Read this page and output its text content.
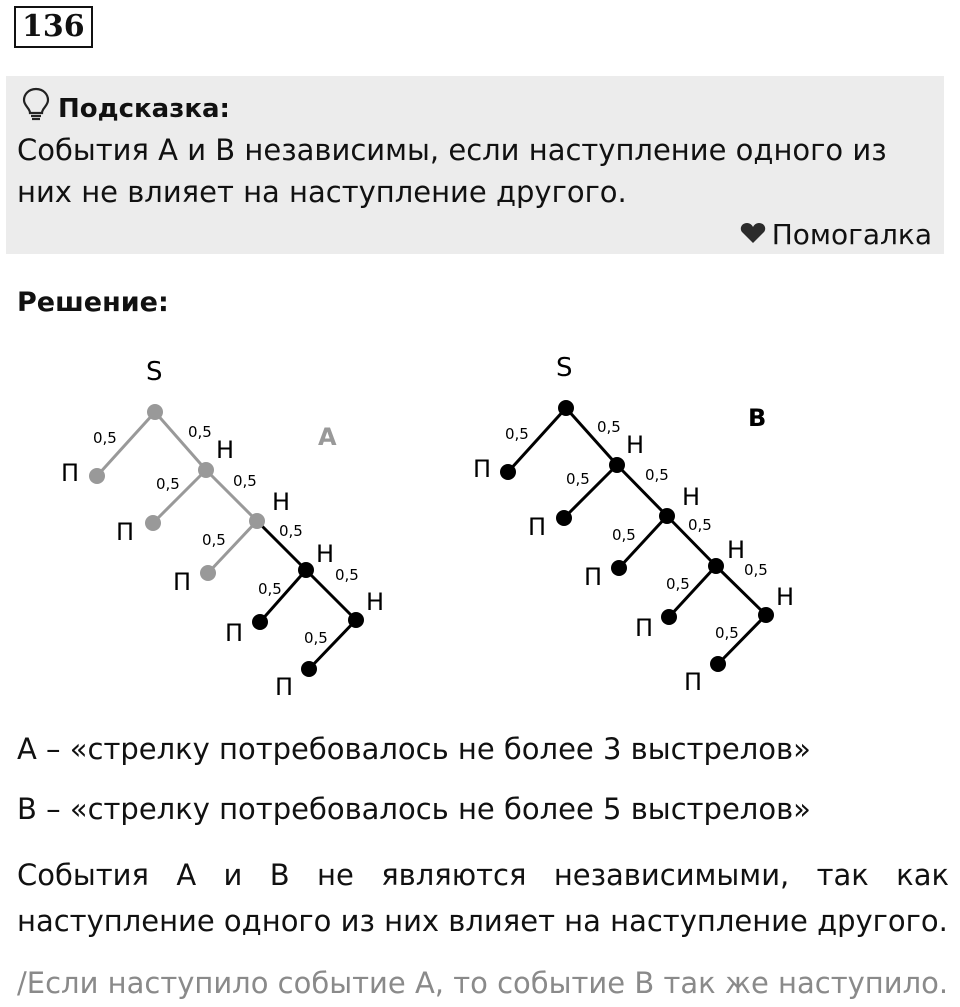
136
Подсказка:
События А и В независимы, если наступление одного из них не влияет на наступление другого.
Помогалка
Решение:
S
A
0,5	0,5
0,5	0,5
0,5	0,5
0,5
0,5
0,5
П
П
П
П
П
Н
Н
Н
Н
S
B
0,5	0,5
0,5	0,5
0,5
0,5
0,5
0,5
0,5
П
П
П
П
П
Н
Н
Н
Н
А – «стрелку потребовалось не более 3 выстрелов»
В – «стрелку потребовалось не более 5 выстрелов»
События А и В не являются независимыми, так как наступление одного из них влияет на наступление другого.
/Если наступило событие А, то событие В так же наступило.
